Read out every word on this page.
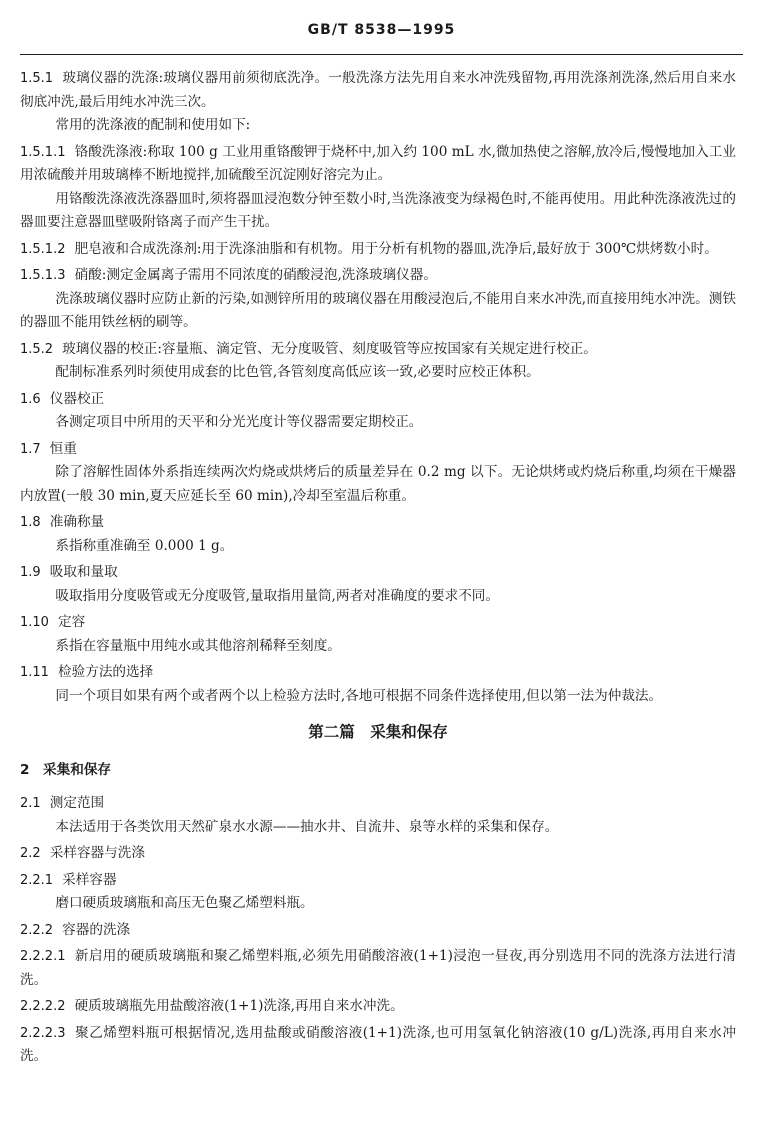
GB/T 8538—1995

1.5.1 玻璃仪器的洗涤:玻璃仪器用前须彻底洗净。一般洗涤方法先用自来水冲洗残留物,再用洗涤剂洗涤,然后用自来水彻底冲洗,最后用纯水冲洗三次。

常用的洗涤液的配制和使用如下:

1.5.1.1 铬酸洗涤液:称取 100 g 工业用重铬酸钾于烧杯中,加入约 100 mL 水,微加热使之溶解,放冷后,慢慢地加入工业用浓硫酸并用玻璃棒不断地搅拌,加硫酸至沉淀刚好溶完为止。

用铬酸洗涤液洗涤器皿时,须将器皿浸泡数分钟至数小时,当洗涤液变为绿褐色时,不能再使用。用此种洗涤液洗过的器皿要注意器皿壁吸附铬离子而产生干扰。

1.5.1.2 肥皂液和合成洗涤剂:用于洗涤油脂和有机物。用于分析有机物的器皿,洗净后,最好放于 300℃烘烤数小时。

1.5.1.3 硝酸:测定金属离子需用不同浓度的硝酸浸泡,洗涤玻璃仪器。

洗涤玻璃仪器时应防止新的污染,如测锌所用的玻璃仪器在用酸浸泡后,不能用自来水冲洗,而直接用纯水冲洗。测铁的器皿不能用铁丝柄的刷等。

1.5.2 玻璃仪器的校正:容量瓶、滴定管、无分度吸管、刻度吸管等应按国家有关规定进行校正。

配制标准系列时须使用成套的比色管,各管刻度高低应该一致,必要时应校正体积。

1.6 仪器校正

各测定项目中所用的天平和分光光度计等仪器需要定期校正。

1.7 恒重

除了溶解性固体外系指连续两次灼烧或烘烤后的质量差异在 0.2 mg 以下。无论烘烤或灼烧后称重,均须在干燥器内放置(一般 30 min,夏天应延长至 60 min),冷却至室温后称重。

1.8 准确称量

系指称重准确至 0.000 1 g。

1.9 吸取和量取

吸取指用分度吸管或无分度吸管,量取指用量筒,两者对准确度的要求不同。

1.10 定容

系指在容量瓶中用纯水或其他溶剂稀释至刻度。

1.11 检验方法的选择

同一个项目如果有两个或者两个以上检验方法时,各地可根据不同条件选择使用,但以第一法为仲裁法。

第二篇　采集和保存
2　采集和保存

2.1 测定范围

本法适用于各类饮用天然矿泉水水源——抽水井、自流井、泉等水样的采集和保存。

2.2 采样容器与洗涤

2.2.1 采样容器

磨口硬质玻璃瓶和高压无色聚乙烯塑料瓶。

2.2.2 容器的洗涤

2.2.2.1 新启用的硬质玻璃瓶和聚乙烯塑料瓶,必须先用硝酸溶液(1+1)浸泡一昼夜,再分别选用不同的洗涤方法进行清洗。

2.2.2.2 硬质玻璃瓶先用盐酸溶液(1+1)洗涤,再用自来水冲洗。

2.2.2.3 聚乙烯塑料瓶可根据情况,选用盐酸或硝酸溶液(1+1)洗涤,也可用氢氧化钠溶液(10 g/L)洗涤,再用自来水冲洗。
